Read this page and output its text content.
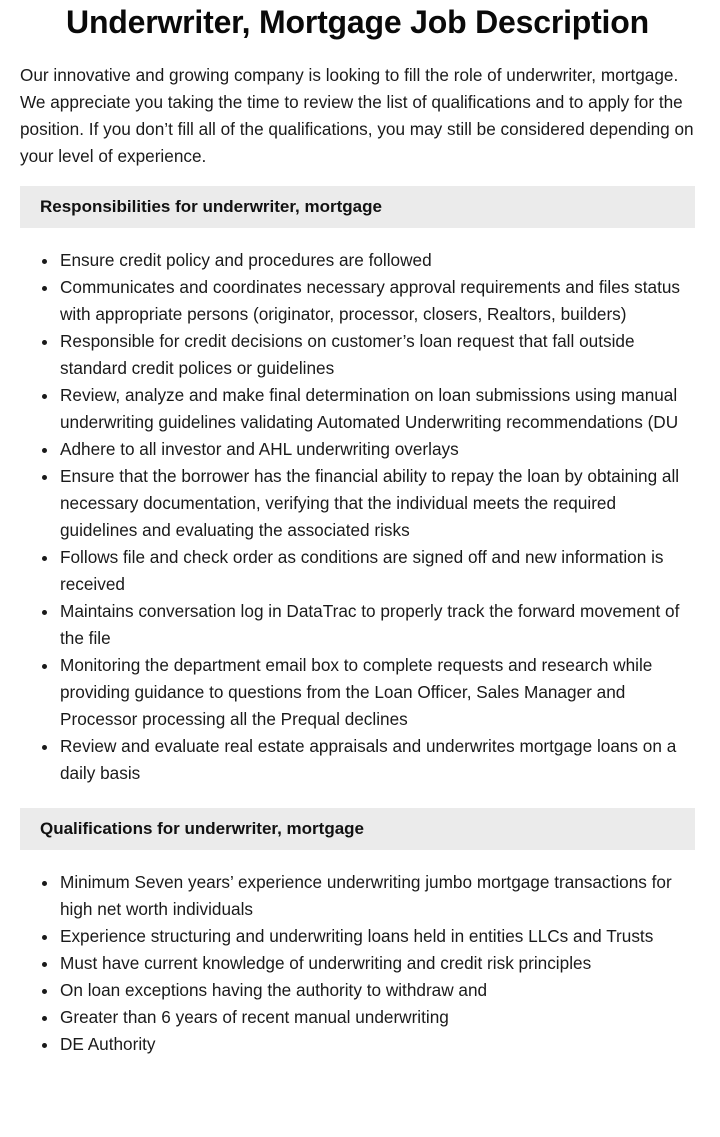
Underwriter, Mortgage Job Description

Our innovative and growing company is looking to fill the role of underwriter, mortgage. We appreciate you taking the time to review the list of qualifications and to apply for the position. If you don’t fill all of the qualifications, you may still be considered depending on your level of experience.

Responsibilities for underwriter, mortgage
Ensure credit policy and procedures are followed
Communicates and coordinates necessary approval requirements and files status with appropriate persons (originator, processor, closers, Realtors, builders)
Responsible for credit decisions on customer’s loan request that fall outside standard credit polices or guidelines
Review, analyze and make final determination on loan submissions using manual underwriting guidelines validating Automated Underwriting recommendations (DU
Adhere to all investor and AHL underwriting overlays
Ensure that the borrower has the financial ability to repay the loan by obtaining all necessary documentation, verifying that the individual meets the required guidelines and evaluating the associated risks
Follows file and check order as conditions are signed off and new information is received
Maintains conversation log in DataTrac to properly track the forward movement of the file
Monitoring the department email box to complete requests and research while providing guidance to questions from the Loan Officer, Sales Manager and Processor processing all the Prequal declines
Review and evaluate real estate appraisals and underwrites mortgage loans on a daily basis
Qualifications for underwriter, mortgage
Minimum Seven years’ experience underwriting jumbo mortgage transactions for high net worth individuals
Experience structuring and underwriting loans held in entities LLCs and Trusts
Must have current knowledge of underwriting and credit risk principles
On loan exceptions having the authority to withdraw and
Greater than 6 years of recent manual underwriting
DE Authority
